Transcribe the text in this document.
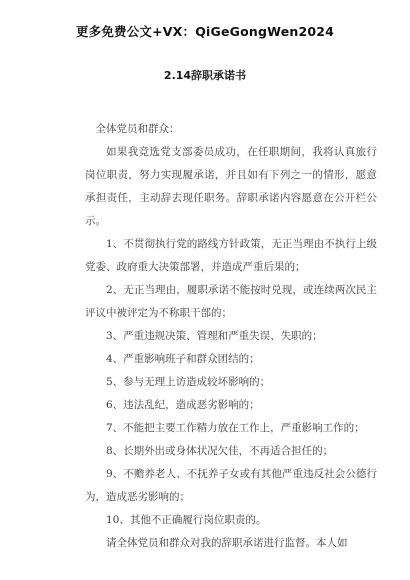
更多免费公文+VX：QiGeGongWen2024
2.14辞职承诺书

全体党员和群众：

如果我竞选党支部委员成功，在任职期间，我将认真旅行岗位职责，努力实现履承诺，并且如有下列之一的情形，愿意承担责任，主动辞去现任职务。辞职承诺内容愿意在公开栏公示。

1、不贯彻执行党的路线方针政策，无正当理由不执行上级党委、政府重大决策部署，并造成严重后果的；

2、无正当理由，履职承诺不能按时兑现，或连续两次民主评议中被评定为不称职干部的；

3、严重违规决策、管理和严重失误、失职的；

4、严重影响班子和群众团结的；

5、参与无理上访造成较坏影响的；

6、违法乱纪，造成恶劣影响的；

7、不能把主要工作精力放在工作上，严重影响工作的；

8、长期外出或身体状况欠佳，不再适合担任的；

9、不赡养老人、不抚养子女或有其他严重违反社会公德行为，造成恶劣影响的；

10、其他不正确履行岗位职责的。

请全体党员和群众对我的辞职承诺进行监督。本人如
